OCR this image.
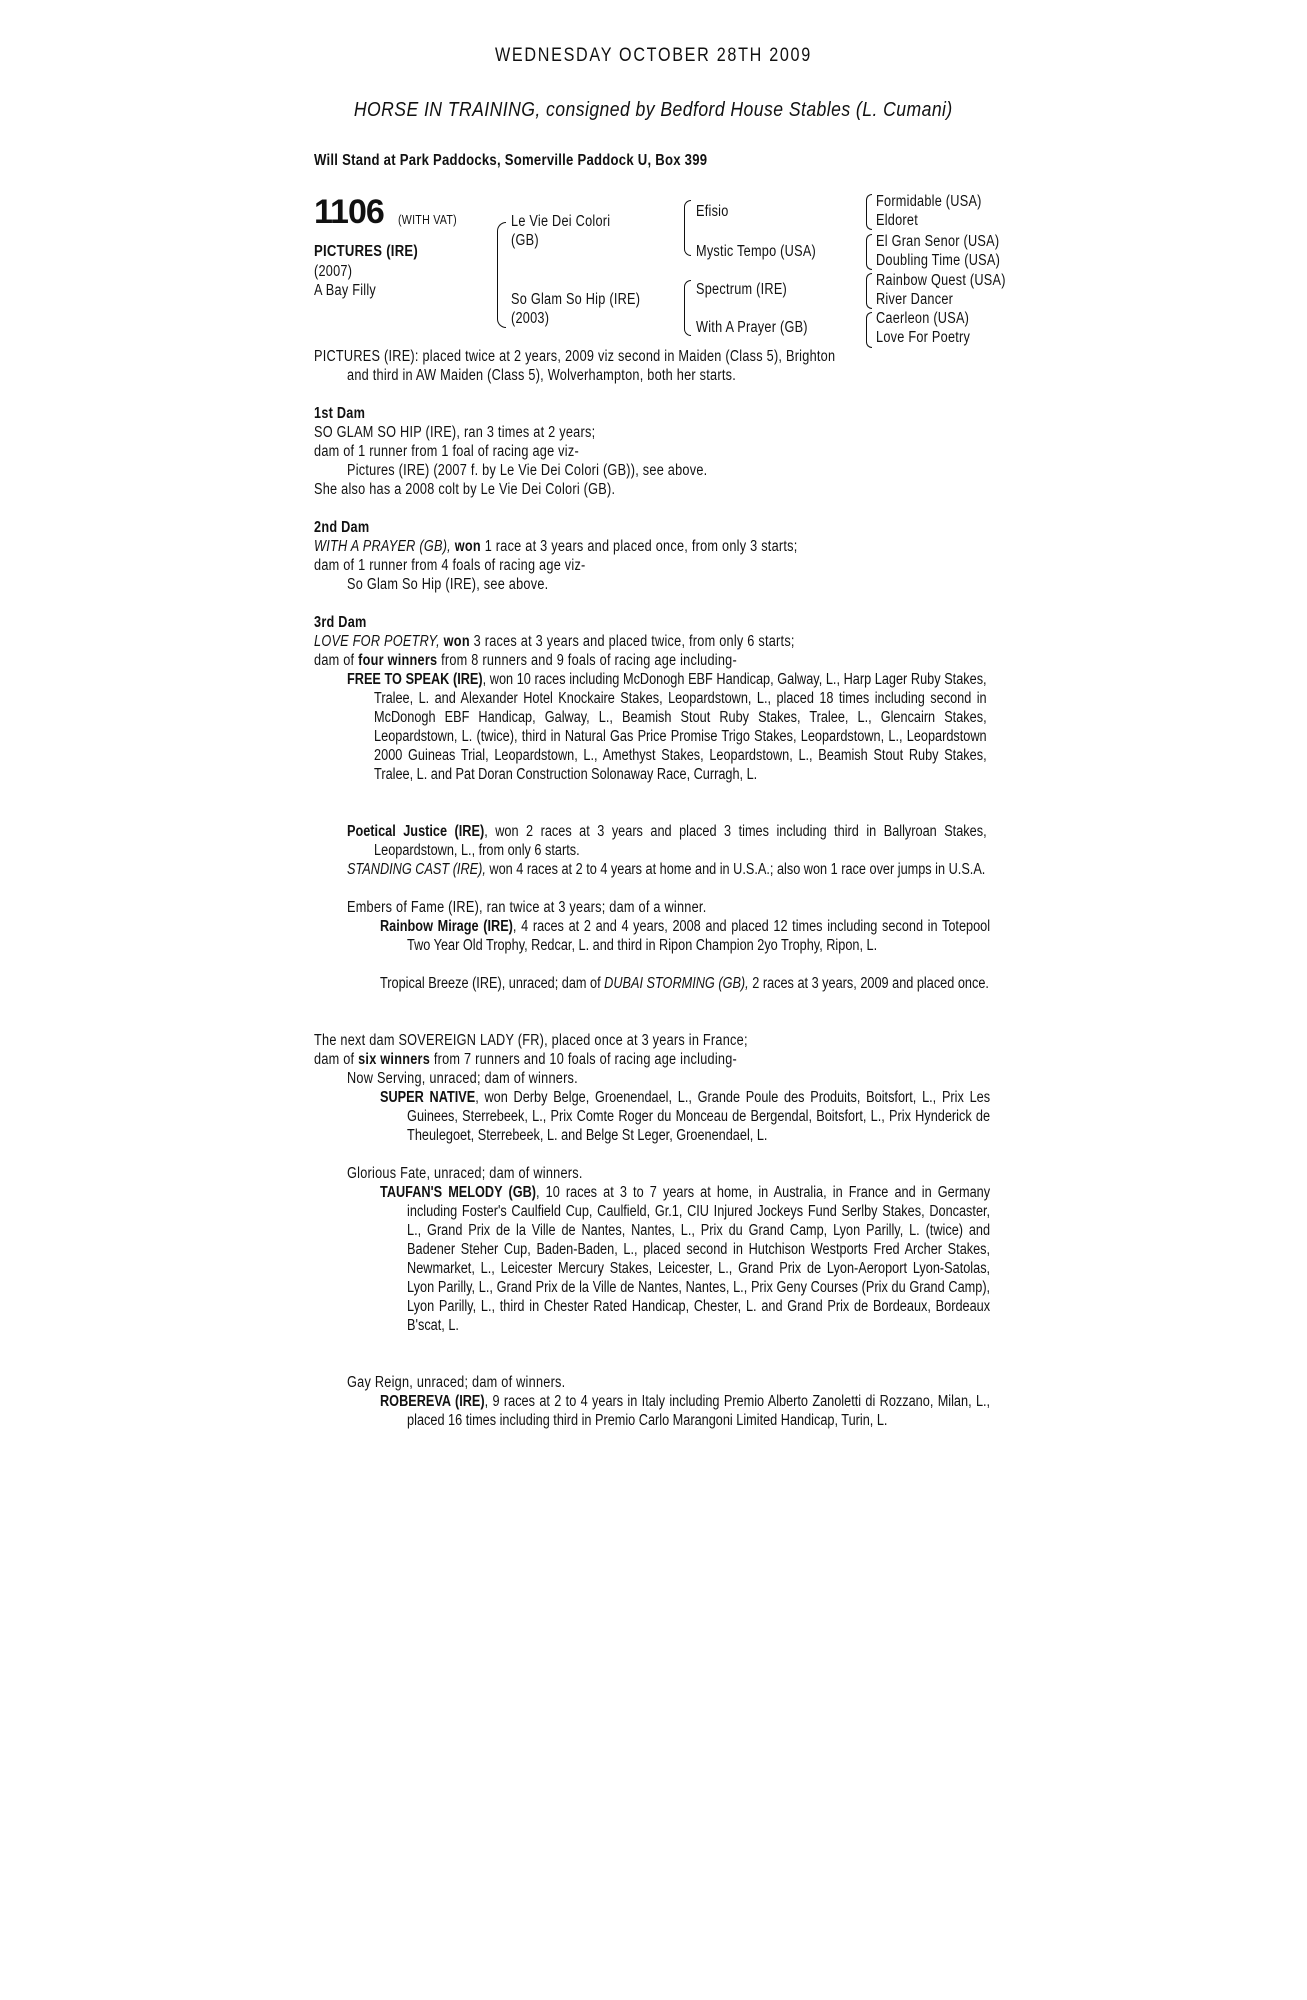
WEDNESDAY OCTOBER 28TH 2009
HORSE IN TRAINING, consigned by Bedford House Stables (L. Cumani)
Will Stand at Park Paddocks, Somerville Paddock U, Box 399
1106 (WITH VAT)
PICTURES (IRE)
(2007)
A Bay Filly
Le Vie Dei Colori
(GB)
So Glam So Hip (IRE)
(2003)
Efisio
Mystic Tempo (USA)
Spectrum (IRE)
With A Prayer (GB)
Formidable (USA)
Eldoret
El Gran Senor (USA)
Doubling Time (USA)
Rainbow Quest (USA)
River Dancer
Caerleon (USA)
Love For Poetry
PICTURES (IRE): placed twice at 2 years, 2009 viz second in Maiden (Class 5), Brighton
and third in AW Maiden (Class 5), Wolverhampton, both her starts.
1st Dam
SO GLAM SO HIP (IRE), ran 3 times at 2 years;
dam of 1 runner from 1 foal of racing age viz-
Pictures (IRE) (2007 f. by Le Vie Dei Colori (GB)), see above.
She also has a 2008 colt by Le Vie Dei Colori (GB).
2nd Dam
WITH A PRAYER (GB), won 1 race at 3 years and placed once, from only 3 starts;
dam of 1 runner from 4 foals of racing age viz-
So Glam So Hip (IRE), see above.
3rd Dam
LOVE FOR POETRY, won 3 races at 3 years and placed twice, from only 6 starts;
dam of four winners from 8 runners and 9 foals of racing age including-
FREE TO SPEAK (IRE), won 10 races including McDonogh EBF Handicap, Galway, L., Harp Lager Ruby Stakes, Tralee, L. and Alexander Hotel Knockaire Stakes, Leopardstown, L., placed 18 times including second in McDonogh EBF Handicap, Galway, L., Beamish Stout Ruby Stakes, Tralee, L., Glencairn Stakes, Leopardstown, L. (twice), third in Natural Gas Price Promise Trigo Stakes, Leopardstown, L., Leopardstown 2000 Guineas Trial, Leopardstown, L., Amethyst Stakes, Leopardstown, L., Beamish Stout Ruby Stakes, Tralee, L. and Pat Doran Construction Solonaway Race, Curragh, L.
Poetical Justice (IRE), won 2 races at 3 years and placed 3 times including third in Ballyroan Stakes, Leopardstown, L., from only 6 starts.
STANDING CAST (IRE), won 4 races at 2 to 4 years at home and in U.S.A.; also won 1 race over jumps in U.S.A.
Embers of Fame (IRE), ran twice at 3 years; dam of a winner.
Rainbow Mirage (IRE), 4 races at 2 and 4 years, 2008 and placed 12 times including second in Totepool Two Year Old Trophy, Redcar, L. and third in Ripon Champion 2yo Trophy, Ripon, L.
Tropical Breeze (IRE), unraced; dam of DUBAI STORMING (GB), 2 races at 3 years, 2009 and placed once.
The next dam SOVEREIGN LADY (FR), placed once at 3 years in France;
dam of six winners from 7 runners and 10 foals of racing age including-
Now Serving, unraced; dam of winners.
SUPER NATIVE, won Derby Belge, Groenendael, L., Grande Poule des Produits, Boitsfort, L., Prix Les Guinees, Sterrebeek, L., Prix Comte Roger du Monceau de Bergendal, Boitsfort, L., Prix Hynderick de Theulegoet, Sterrebeek, L. and Belge St Leger, Groenendael, L.
Glorious Fate, unraced; dam of winners.
TAUFAN'S MELODY (GB), 10 races at 3 to 7 years at home, in Australia, in France and in Germany including Foster's Caulfield Cup, Caulfield, Gr.1, CIU Injured Jockeys Fund Serlby Stakes, Doncaster, L., Grand Prix de la Ville de Nantes, Nantes, L., Prix du Grand Camp, Lyon Parilly, L. (twice) and Badener Steher Cup, Baden-Baden, L., placed second in Hutchison Westports Fred Archer Stakes, Newmarket, L., Leicester Mercury Stakes, Leicester, L., Grand Prix de Lyon-Aeroport Lyon-Satolas, Lyon Parilly, L., Grand Prix de la Ville de Nantes, Nantes, L., Prix Geny Courses (Prix du Grand Camp), Lyon Parilly, L., third in Chester Rated Handicap, Chester, L. and Grand Prix de Bordeaux, Bordeaux B'scat, L.
Gay Reign, unraced; dam of winners.
ROBEREVA (IRE), 9 races at 2 to 4 years in Italy including Premio Alberto Zanoletti di Rozzano, Milan, L., placed 16 times including third in Premio Carlo Marangoni Limited Handicap, Turin, L.
